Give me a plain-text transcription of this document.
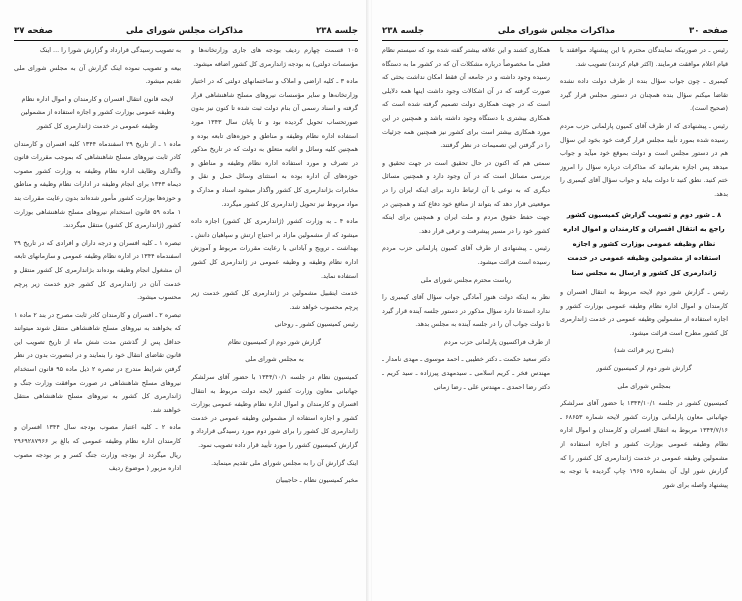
جلسه ۲۳۸
مذاکرات مجلس شورای ملی
صفحه ۳۷

به تصویب رسیدگی قرارداد و گزارش شورا را ... اینک

بیعه و تصویب نموده اینک گزارش آن به مجلس شورای ملی تقدیم میشود.

لایحه قانون انتقال افسران و کارمندان و اموال اداره نظام وظیفه عمومی بوزارت کشور و اجازه استفاده از مشمولین وظیفه عمومی در خدمت ژاندارمری کل کشور

ماده ۱ ـ از تاریخ ۲۹ اسفندماه ۱۳۴۴ کلیه افسران و کارمندان کادر ثابت نیروهای مسلح شاهنشاهی که بموجب مقررات قانون واگذاری وظایف اداره نظام وظیفه به وزارت کشور مصوب دیماه ۱۳۴۳ برای انجام وظیفه در ادارات نظام وظیفه و مناطق و حوزه‌ها بوزارت کشور مأمور شده‌اند بدون رعایت مقررات بند ۱ ماده ۵۹ قانون استخدام نیروهای مسلح شاهنشاهی بوزارت کشور (ژاندارمری کل کشور) منتقل میگردند.

تبصره ۱ ـ کلیه افسران و درجه داران و افرادی که در تاریخ ۲۹ اسفندماه ۱۳۴۴ در اداره نظام وظیفه عمومی و سازمانهای تابعه آن مشغول انجام وظیفه بوده‌اند بژاندارمری کل کشور منتقل و خدمت آنان در ژاندارمری کل کشور جزو خدمت زیر پرچم محسوب میشود.

تبصره ۲ ـ افسران و کارمندان کادر ثابت مصرح در بند ۲ ماده ۱ که بخواهند به نیروهای مسلح شاهنشاهی منتقل شوند میتوانند حداقل پس از گذشتن مدت شش ماه از تاریخ تصویب این قانون تقاضای انتقال خود را بنمایند و در اینصورت بدون در نظر گرفتن شرایط مندرج در تبصره ۲ ذیل ماده ۹۵ قانون استخدام نیروهای مسلح شاهنشاهی در صورت موافقت وزارت جنگ و ژاندارمری کل کشور به نیروهای مسلح شاهنشاهی منتقل خواهند شد.

ماده ۲ ـ کلیه اعتبار مصوب بودجه سال ۱۳۴۴ افسران و کارمندان اداره نظام وظیفه عمومی که بالغ بر ۲۹۶۹۲۸۷۹۶۶ ریال میگردد از بودجه وزارت جنگ کسر و بر بودجه مصوب اداره مزبور ( موضوع ردیف

۱۰۵ قسمت چهارم ردیف بودجه های جاری وزارتخانه‌ها و مؤسسات دولتی) به بودجه ژاندارمری کل کشور اضافه میشود.

ماده ۳ ـ کلیه اراضی و املاک و ساختمانهای دولتی که در اختیار وزارتخانه‌ها و سایر مؤسسات نیروهای مسلح شاهنشاهی قرار گرفته و اسناد رسمی آن بنام دولت ثبت شده تا کنون نیز بدون صورتحساب تحویل گردیده بود و تا پایان سال ۱۳۴۳ مورد استفاده اداره نظام وظیفه و مناطق و حوزه‌های تابعه بوده و همچنین کلیه وسائل و اثاثیه متعلق به دولت که در تاریخ مذکور در تصرف و مورد استفاده اداره نظام وظیفه و مناطق و حوزه‌های آن اداره بوده به استثنای وسائل حمل و نقل و مخابرات بژاندارمری کل کشور واگذار میشود اسناد و مدارک و مواد مربوط نیز تحویل ژاندارمری کل کشور میگردد.

ماده ۴ ـ به وزارت کشور (ژاندارمری کل کشور) اجازه داده میشود که از مشمولین مازاد بر احتیاج ارتش و سپاهیان دانش ـ بهداشت ـ ترویج و آبادانی با رعایت مقررات مربوط و آموزش اداره نظام وظیفه و وظیفه عمومی در ژاندارمری کل کشور استفاده نماید.

خدمت اینقبیل مشمولین در ژاندارمری کل کشور خدمت زیر پرچم محسوب خواهد شد.

رئیس کمیسیون کشور ـ روحانی

گزارش شور دوم از کمیسیون نظام

به مجلس شورای ملی

کمیسیون نظام در جلسه ۱۳۴۴/۱۰/۱ با حضور آقای سرلشکر جهانبانی معاون وزارت کشور لایحه دولت مربوط به انتقال افسران و کارمندان و اموال اداره نظام وظیفه عمومی بوزارت کشور و اجازه استفاده از مشمولین وظیفه عمومی در خدمت ژاندارمری کل کشور را برای شور دوم مورد رسیدگی قرارداد و گزارش کمیسیون کشور را مورد تأیید قرار داده تصویب نمود.

اینک گزارش آن را به مجلس شورای ملی تقدیم مینماید.

مخبر کمیسیون نظام ـ حاجیبیان

صفحه ۳۰
مذاکرات مجلس شورای ملی
جلسه ۲۳۸

همکاری کشند و این علاقه بیشتر گفته شده بود که سیستم نظام فعلی ما مخصوصاً درباره مشکلات آن که در کشور ما به دستگاه رسیده وجود داشته و در جامعه آن فقط امکان نداشت بحثی که صورت گرفته که در آن اشکالات وجود داشت اینها همه دلایلی است که در جهت همکاری دولت تصمیم گرفته شده است که همکاری بیشتری با دستگاه وجود داشته باشد و همچنین در این مورد همکاری بیشتر است برای کشور نیز همچنین همه جزئیات را در گرفتن این تصمیمات در نظر گرفتند.

سمتی هم که اکنون در حال تحقیق است در جهت تحقیق و بررسی مسائل است که در آن وجود دارد و همچنین مسائل دیگری که به نوعی با آن ارتباط دارند برای اینکه ایران را در موقعیتی قرار دهد که بتواند از منافع خود دفاع کند و همچنین در جهت حفظ حقوق مردم و ملت ایران و همچنین برای اینکه کشور خود را در مسیر پیشرفت و ترقی قرار دهد.

رئیس ـ پیشنهادی از طرف آقای کمیون پارلمانی حزب مردم رسیده است قرائت میشود.

ریاست محترم مجلس شورای ملی

نظر به اینکه دولت هنوز آمادگی جواب سؤال آقای کیمبری را ندارد استدعا دارد سؤال مذکور در دستور جلسه آینده قرار گیرد تا دولت جواب آن را در جلسه آینده به مجلس بدهد.

از طرف فراکسیون پارلمانی حزب مردم

دکتر سعید حکمت ـ دکتر خطیبی ـ احمد موسوی ـ مهدی نامدار ـ مهندس فخر ـ کریم اسلامی ـ سیدمهدی پیرزاده ـ سید کریم ـ دکتر رضا احمدی ـ مهندس علی ـ رضا زمانی

رئیس ـ در صورتیکه نمایندگان محترم با این پیشنهاد موافقند با قیام اعلام موافقت فرمایند. (اکثر قیام کردند) تصویب شد.

کیمبری ـ چون جواب سؤال بنده از طرف دولت داده نشده تقاضا میکنم سؤال بنده همچنان در دستور مجلس قرار گیرد (صحیح است).

رئیس ـ پیشنهادی که از طرف آقای کمیون پارلمانی حزب مردم رسیده شده بمورد تأیید مجلس قرار گرفت خود بخود این سؤال هم در دستور مجلس است و دولت بموقع خود میآید و جواب میدهد پس اجازه بفرمائید که مذاکرات درباره سؤال را امروز ختم کنید. نطق کنید تا دولت بیاید و جواب سؤال آقای کیمبری را بدهد.

۸ ـ شور دوم و تصویب گزارش کمیسیون کشور راجع به انتقال افسران و کارمندان و اموال اداره نظام وظیفه عمومی بوزارت کشور و اجازه استفاده از مشمولین وظیفه عمومی در خدمت ژاندارمری کل کشور و ارسال به مجلس سنا

رئیس ـ گزارش شور دوم لایحه مربوط به انتقال افسران و کارمندان و اموال اداره نظام وظیفه عمومی بوزارت کشور و اجازه استفاده از مشمولین وظیفه عمومی در خدمت ژاندارمری کل کشور مطرح است قرائت میشود.

(بشرح زیر قرائت شد)

گزارش شور دوم از کمیسیون کشور

بمجلس شورای ملی

کمیسیون کشور در جلسه ۱۳۴۴/۱۰/۱ با حضور آقای سرلشکر جهانبانی معاون پارلمانی وزارت کشور لایحه شماره ۶۸۶۵۳ ـ ۱۳۴۴/۷/۱۶ مربوط به انتقال افسران و کارمندان و اموال اداره نظام وظیفه عمومی بوزارت کشور و اجازه استفاده از مشمولین وظیفه عمومی در خدمت ژاندارمری کل کشور را که گزارش شور اول آن بشماره ۱۹۶۵ چاپ گردیده با توجه به پیشنهاد واصله برای شور
